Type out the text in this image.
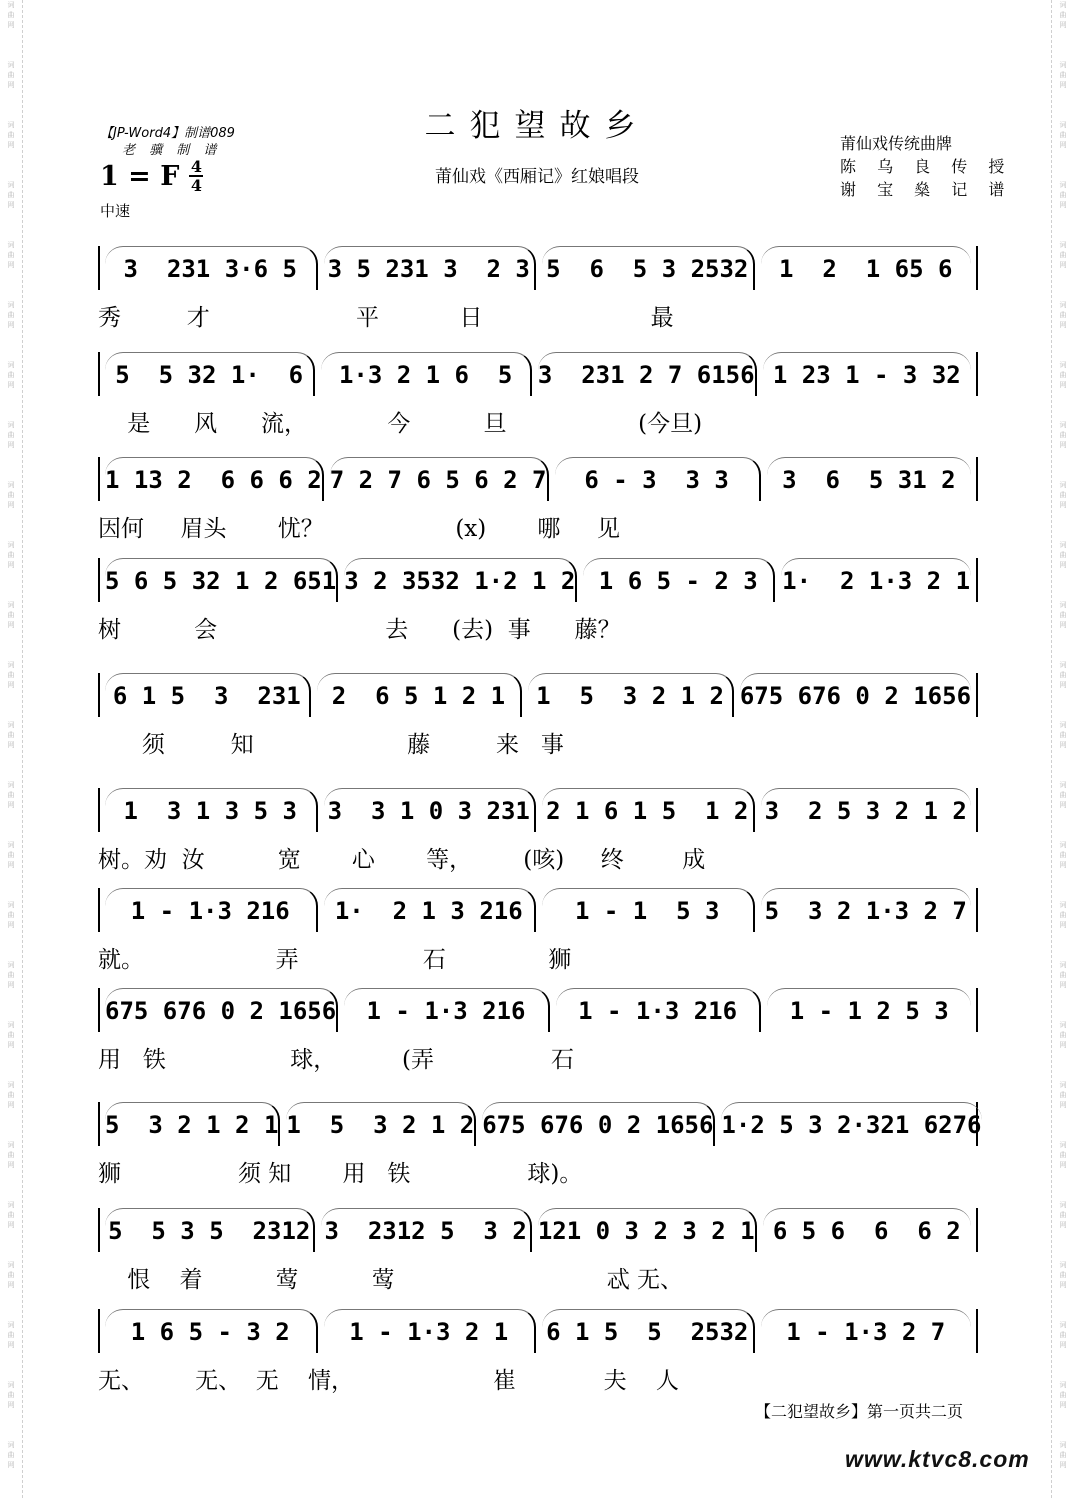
词曲网
词曲网
词曲网
词曲网
词曲网
词曲网
词曲网
词曲网
词曲网
词曲网
词曲网
词曲网
词曲网
词曲网
词曲网
词曲网
词曲网
词曲网
词曲网
词曲网
词曲网
词曲网
词曲网
词曲网
词曲网
词曲网
词曲网
词曲网
词曲网
词曲网
词曲网
词曲网
词曲网
词曲网
词曲网
词曲网
词曲网
词曲网
词曲网
词曲网
词曲网
词曲网
词曲网
词曲网
词曲网
词曲网
词曲网
词曲网
词曲网
词曲网
【JP-Word4】制谱089
老 骥 制 谱
二犯望故乡
莆仙戏《西厢记》红娘唱段
1 = F 4
4
中速
莆仙戏传统曲牌
陈 乌 良 传 授
谢 宝 燊 记 谱
3  231 3·6 5	3 5 231 3  2 3 5  6  5 3 2532	1  2  1 65 6
秀         才                    平           日                       最
5  5 32 1·  6	1·3 2 1 6  5	3  231 2 7 6156 1 23 1 - 3 32
是      风      流，           今          旦                  (今旦)
1 13 2  6 6 6 2 7 2 7 6 5 6 2 7	6 - 3  3 3	3  6  5 31 2
因何     眉头       忧？                  (x)       哪     见
5 6 5 32 1 2 651 3 2 3532 1·2 1 2 1 6 5 - 2 3	1·  2 1·3 2 1
树          会                       去      (去)  事      藤？
6 1 5  3  231	2  6 5 1 2 1	1  5  3 2 1 2 675 676 0 2 1656
须         知                     藤         来   事
1  3 1 3 5 3	3  3 1 0 3 231 2 1 6 1 5  1 2 3  2 5 3 2 1 2
树。劝  汝          宽       心       等，       (咳)     终        成
1 - 1·3 216	1·  2 1 3 216	1 - 1  5 3	5  3 2 1·3 2 7
就。                  弄                 石              狮
675 676 0 2 1656	1 - 1·3 216	1 - 1·3 216	1 - 1 2 5 3
用   铁                 球，         (弄                石
5  3 2 1 2 1 1  5  3 2 1 2 675 676 0 2 1656 1·2 5 3 2·321 6276
狮                须 知       用   铁                球)。
5  5 3 5  2312 3  2312 5  3 2 121 0 3 2 3 2 1 6 5 6  6  6 2
恨    着          莺          莺                             忒 无、
1 6 5 - 3 2	1 - 1·3 2 1	6 1 5  5  2532	1 - 1·3 2 7
无、       无、  无    情，                   崔            夫    人
【二犯望故乡】第一页共二页
www.ktvc8.com
